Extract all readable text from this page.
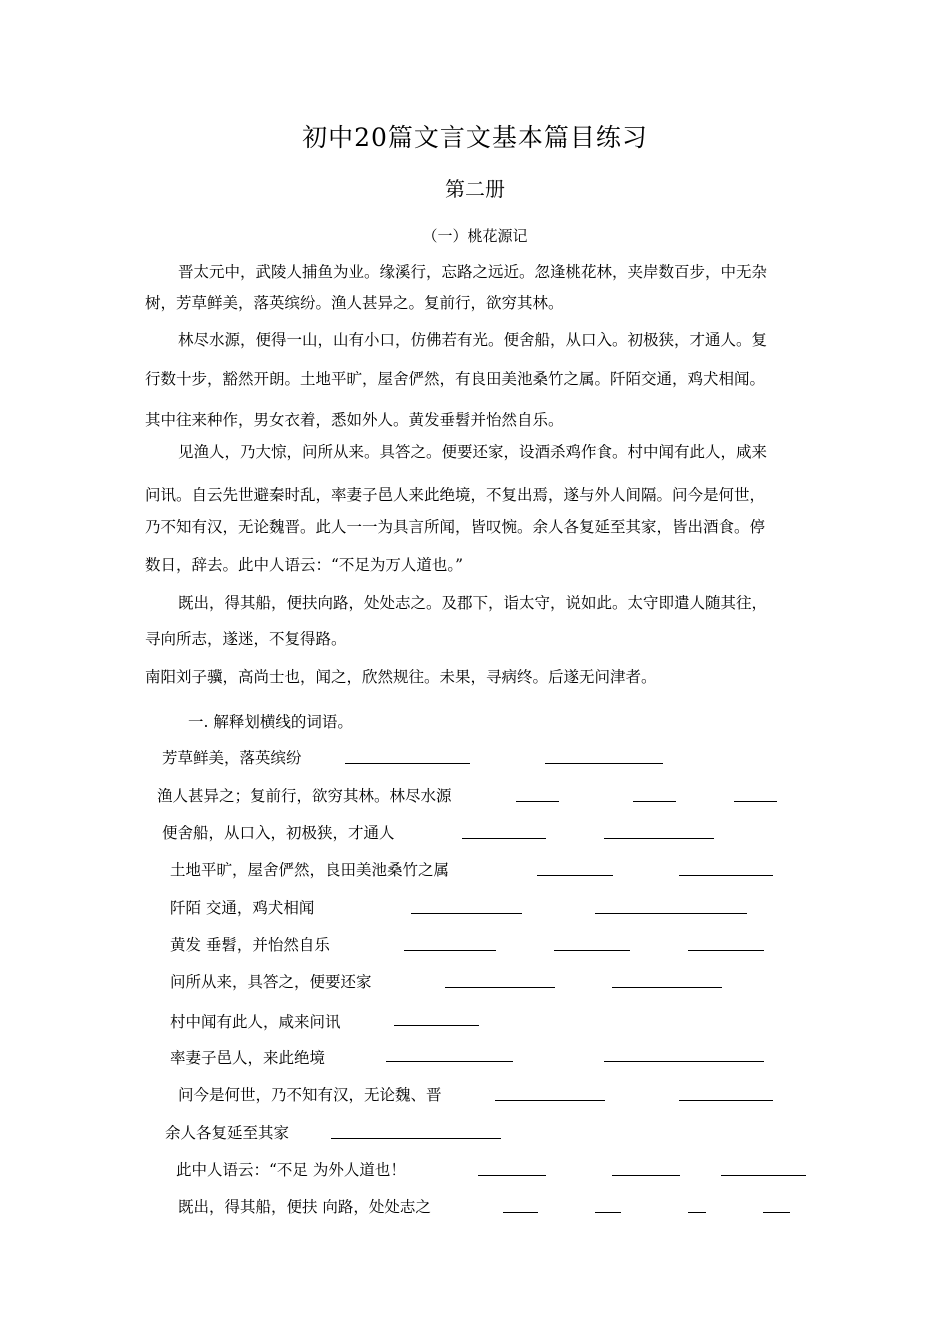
初中20篇文言文基本篇目练习
第二册
（一）桃花源记
晋太元中，武陵人捕鱼为业。缘溪行，忘路之远近。忽逢桃花林，夹岸数百步，中无杂
树，芳草鲜美，落英缤纷。渔人甚异之。复前行，欲穷其林。
林尽水源，便得一山，山有小口，仿佛若有光。便舍船，从口入。初极狭，才通人。复
行数十步，豁然开朗。土地平旷，屋舍俨然，有良田美池桑竹之属。阡陌交通，鸡犬相闻。
其中往来种作，男女衣着，悉如外人。黄发垂髫并怡然自乐。
见渔人，乃大惊，问所从来。具答之。便要还家，设酒杀鸡作食。村中闻有此人，咸来
问讯。自云先世避秦时乱，率妻子邑人来此绝境，不复出焉，遂与外人间隔。问今是何世，
乃不知有汉，无论魏晋。此人一一为具言所闻，皆叹惋。余人各复延至其家，皆出酒食。停
数日，辞去。此中人语云：“不足为万人道也。”
既出，得其船，便扶向路，处处志之。及郡下，诣太守，说如此。太守即遣人随其往，
寻向所志，遂迷，不复得路。
南阳刘子骥，高尚士也，闻之，欣然规往。未果，寻病终。后遂无问津者。
一. 解释划横线的词语。
芳草鲜美，落英缤纷
渔人甚异之；复前行，欲穷其林。林尽水源
便舍船，从口入，初极狭，才通人
土地平旷，屋舍俨然，良田美池桑竹之属
阡陌 交通，鸡犬相闻
黄发 垂髫，并怡然自乐
问所从来，具答之，便要还家
村中闻有此人，咸来问讯
率妻子邑人，来此绝境
问今是何世，乃不知有汉，无论魏、晋
余人各复延至其家
此中人语云：“不足 为外人道也！
既出，得其船，便扶 向路，处处志之
